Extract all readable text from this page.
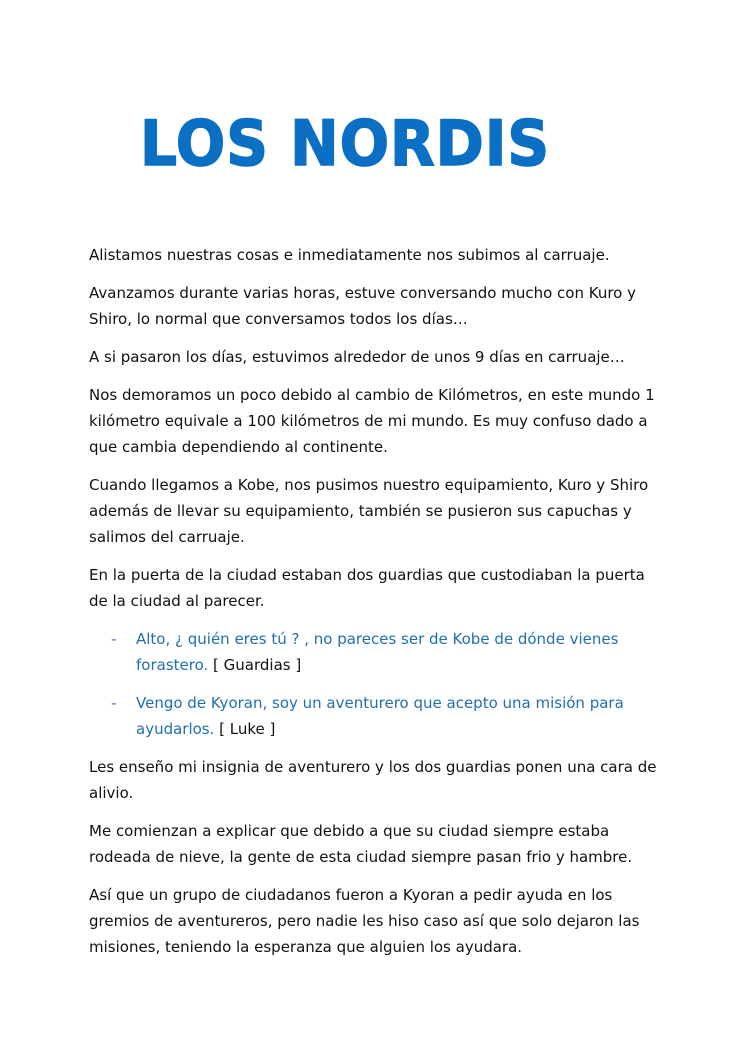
LOS NORDIS

Alistamos nuestras cosas e inmediatamente nos subimos al carruaje.

Avanzamos durante varias horas, estuve conversando mucho con Kuro y Shiro, lo normal que conversamos todos los días…

A si pasaron los días, estuvimos alrededor de unos 9 días en carruaje…

Nos demoramos un poco debido al cambio de Kilómetros, en este mundo 1 kilómetro equivale a 100 kilómetros de mi mundo. Es muy confuso dado a que cambia dependiendo al continente.

Cuando llegamos a Kobe, nos pusimos nuestro equipamiento, Kuro y Shiro además de llevar su equipamiento, también se pusieron sus capuchas y salimos del carruaje.

En la puerta de la ciudad estaban dos guardias que custodiaban la puerta de la ciudad al parecer.

- Alto, ¿ quién eres tú ? , no pareces ser de Kobe de dónde vienes forastero. [ Guardias ]
- Vengo de Kyoran, soy un aventurero que acepto una misión para ayudarlos. [ Luke ]

Les enseño mi insignia de aventurero y los dos guardias ponen una cara de alivio.

Me comienzan a explicar que debido a que su ciudad siempre estaba rodeada de nieve, la gente de esta ciudad siempre pasan frio y hambre.

Así que un grupo de ciudadanos fueron a Kyoran a pedir ayuda en los gremios de aventureros, pero nadie les hiso caso así que solo dejaron las misiones, teniendo la esperanza que alguien los ayudara.
